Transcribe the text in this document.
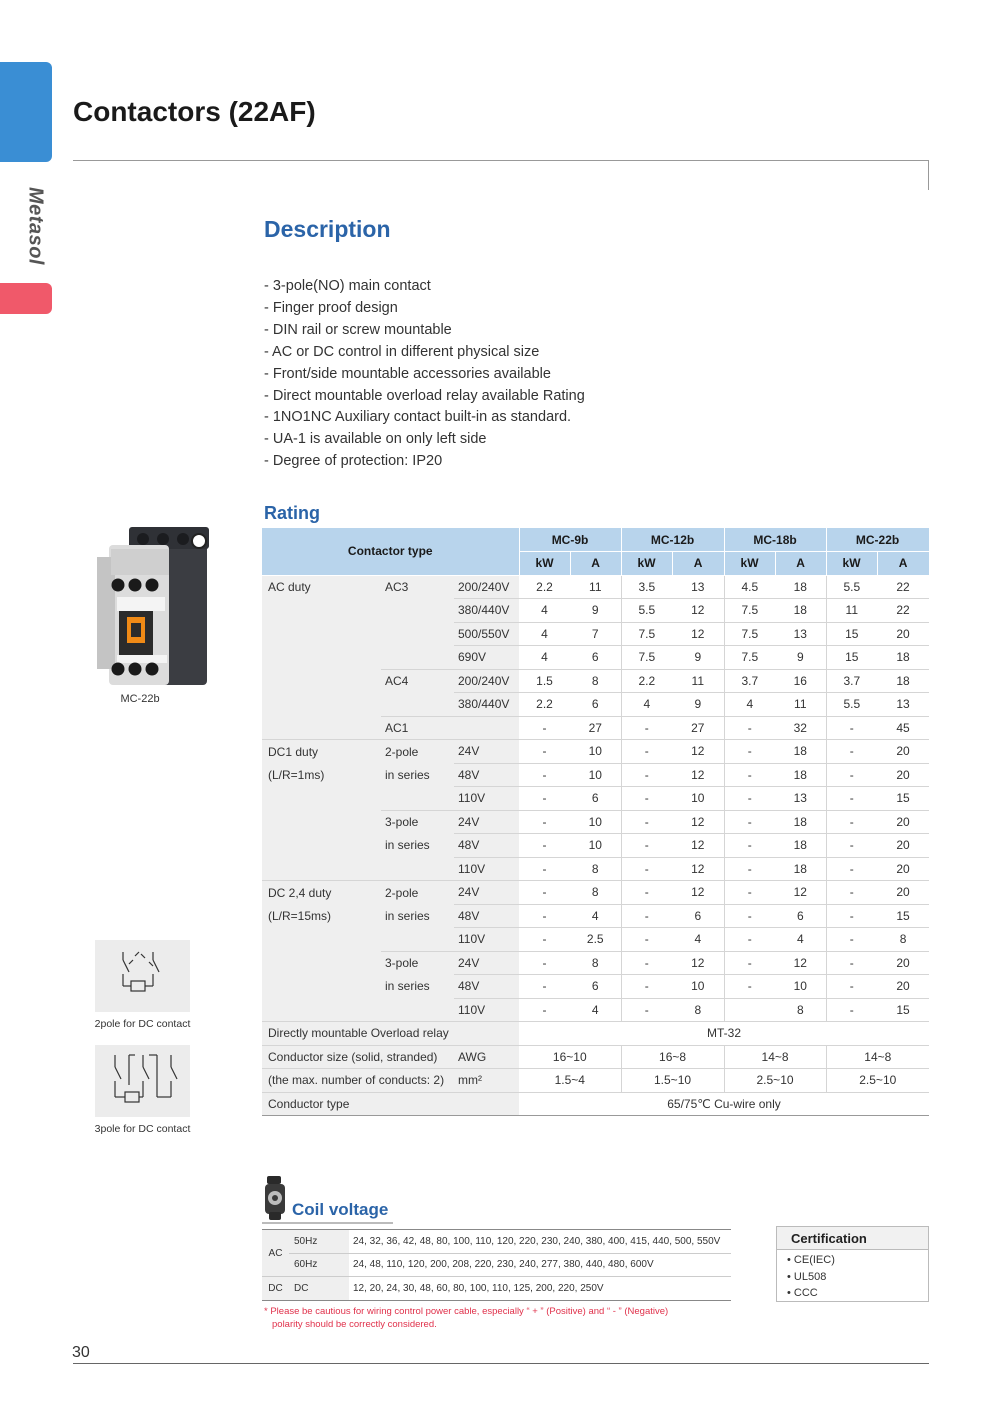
Metasol
Contactors (22AF)
Description
- 3-pole(NO) main contact
- Finger proof design
- DIN rail or screw mountable
- AC or DC control in different physical size
- Front/side mountable accessories available
- Direct mountable overload relay available Rating
- 1NO1NC Auxiliary contact built-in as standard.
- UA-1 is available on only left side
- Degree of protection: IP20
Rating
MC-22b
2pole for DC contact
3pole for DC contact
Contactor type			MC-9b		MC-12b		MC-18b		MC-22b	
			kW	A	kW	A	kW	A	kW	A
AC duty	AC3	200/240V	2.2	11	3.5	13	4.5	18	5.5	22
		380/440V	4	9	5.5	12	7.5	18	11	22
		500/550V	4	7	7.5	12	7.5	13	15	20
		690V	4	6	7.5	9	7.5	9	15	18
	AC4	200/240V	1.5	8	2.2	11	3.7	16	3.7	18
		380/440V	2.2	6	4	9	4	11	5.5	13
	AC1		-	27	-	27	-	32	-	45
DC1 duty	2-pole	24V	-	10	-	12	-	18	-	20
(L/R=1ms)	in series	48V	-	10	-	12	-	18	-	20
		110V	-	6	-	10	-	13	-	15
	3-pole	24V	-	10	-	12	-	18	-	20
	in series	48V	-	10	-	12	-	18	-	20
		110V	-	8	-	12	-	18	-	20
DC 2,4 duty	2-pole	24V	-	8	-	12	-	12	-	20
(L/R=15ms)	in series	48V	-	4	-	6	-	6	-	15
		110V	-	2.5	-	4	-	4	-	8
	3-pole	24V	-	8	-	12	-	12	-	20
	in series	48V	-	6	-	10	-	10	-	20
		110V	-	4	-	8		8	-	15
Directly mountable Overload relay			MT-32							
Conductor size (solid, stranded)		AWG	16~10		16~8		14~8		14~8	
(the max. number of conducts: 2)		mm²	1.5~4		1.5~10		2.5~10		2.5~10	
Conductor type			65/75℃ Cu-wire only							
Coil voltage
AC	50Hz	24, 32, 36, 42, 48, 80, 100, 110, 120, 220, 230, 240, 380, 400, 415, 440, 500, 550V
	60Hz	24, 48, 110, 120, 200, 208, 220, 230, 240, 277, 380, 440, 480, 600V
DC	DC	12, 20, 24, 30, 48, 60, 80, 100, 110, 125, 200, 220, 250V
* Please be cautious for wiring control power cable, especially “ + ” (Positive) and “ - ” (Negative)
polarity should be correctly considered.
Certification
• CE(IEC)
• UL508
• CCC
30
